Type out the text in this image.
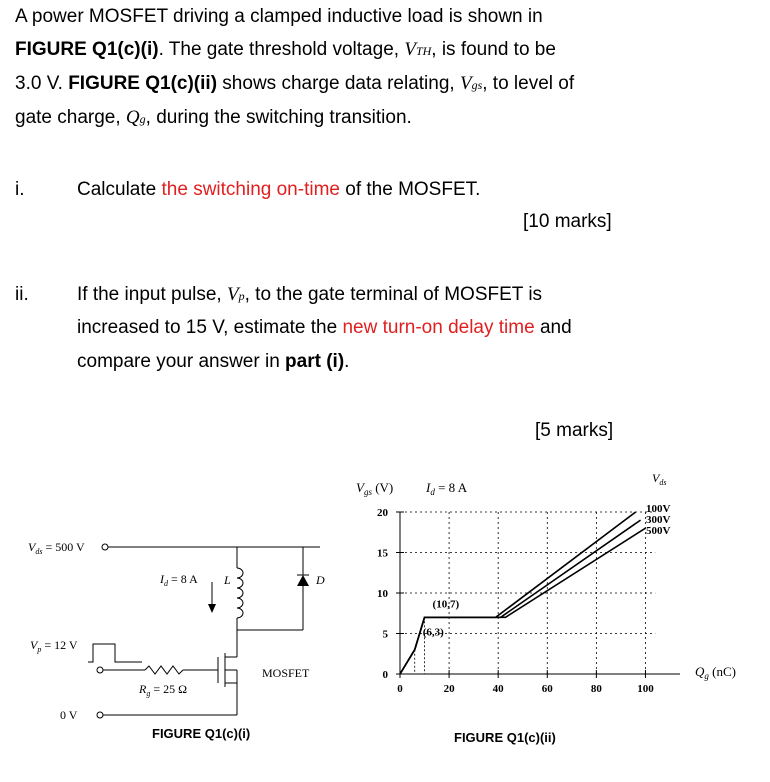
A power MOSFET driving a clamped inductive load is shown in
FIGURE Q1(c)(i). The gate threshold voltage, VTH, is found to be
3.0 V. FIGURE Q1(c)(ii) shows charge data relating, Vgs, to level of
gate charge, Qg, during the switching transition.
i.	Calculate the switching on-time of the MOSFET.
[10 marks]
ii.	If the input pulse, Vp, to the gate terminal of MOSFET is
increased to 15 V, estimate the new turn-on delay time and
compare your answer in part (i).
[5 marks]
$V_{ds} = 500$ V
$I_d = 8$ A L	D
$V_p = 12$ V
$R_g = 25$ Ω
0 V
MOSFET
FIGURE Q1(c)(i)
$V_{gs}$ (V)	$I_d = 8$ A
$V_{ds}$
$Q_g$ (nC)
0	20	40	60	80	100
0
5
10
15
20
(10,7)
(6,3)
100V
300V
500V
FIGURE Q1(c)(ii)
